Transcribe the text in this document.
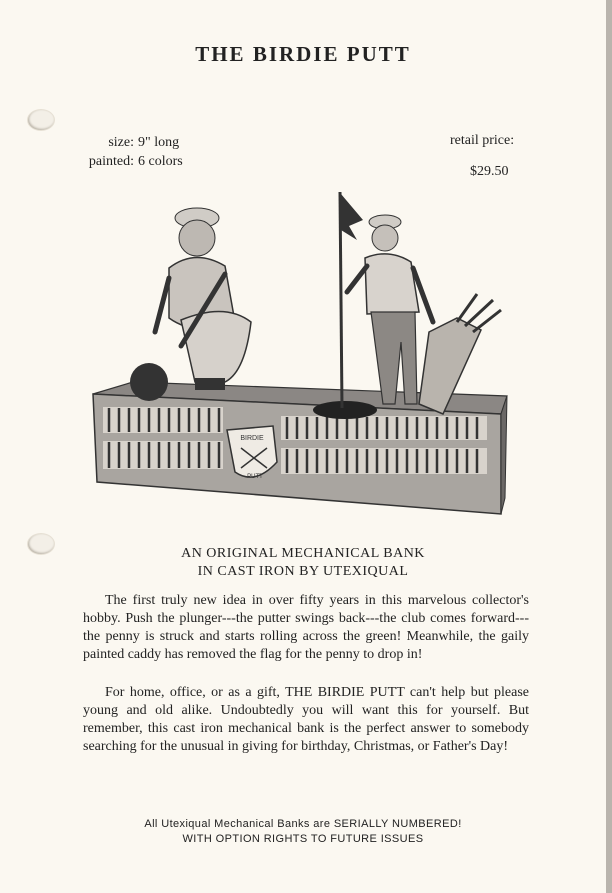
THE BIRDIE PUTT
size: 9" long
painted: 6 colors
retail price:
$29.50
BIRDIE
PUTT
AN ORIGINAL MECHANICAL BANK
IN CAST IRON BY UTEXIQUAL

The first truly new idea in over fifty years in this marvelous collector's hobby. Push the plunger---the putter swings back---the club comes forward---the penny is struck and starts rolling across the green! Meanwhile, the gaily painted caddy has removed the flag for the penny to drop in!

For home, office, or as a gift, THE BIRDIE PUTT can't help but please young and old alike. Undoubtedly you will want this for yourself. But remember, this cast iron mechanical bank is the perfect answer to somebody searching for the unusual in giving for birthday, Christmas, or Father's Day!

All Utexiqual Mechanical Banks are SERIALLY NUMBERED!
WITH OPTION RIGHTS TO FUTURE ISSUES
